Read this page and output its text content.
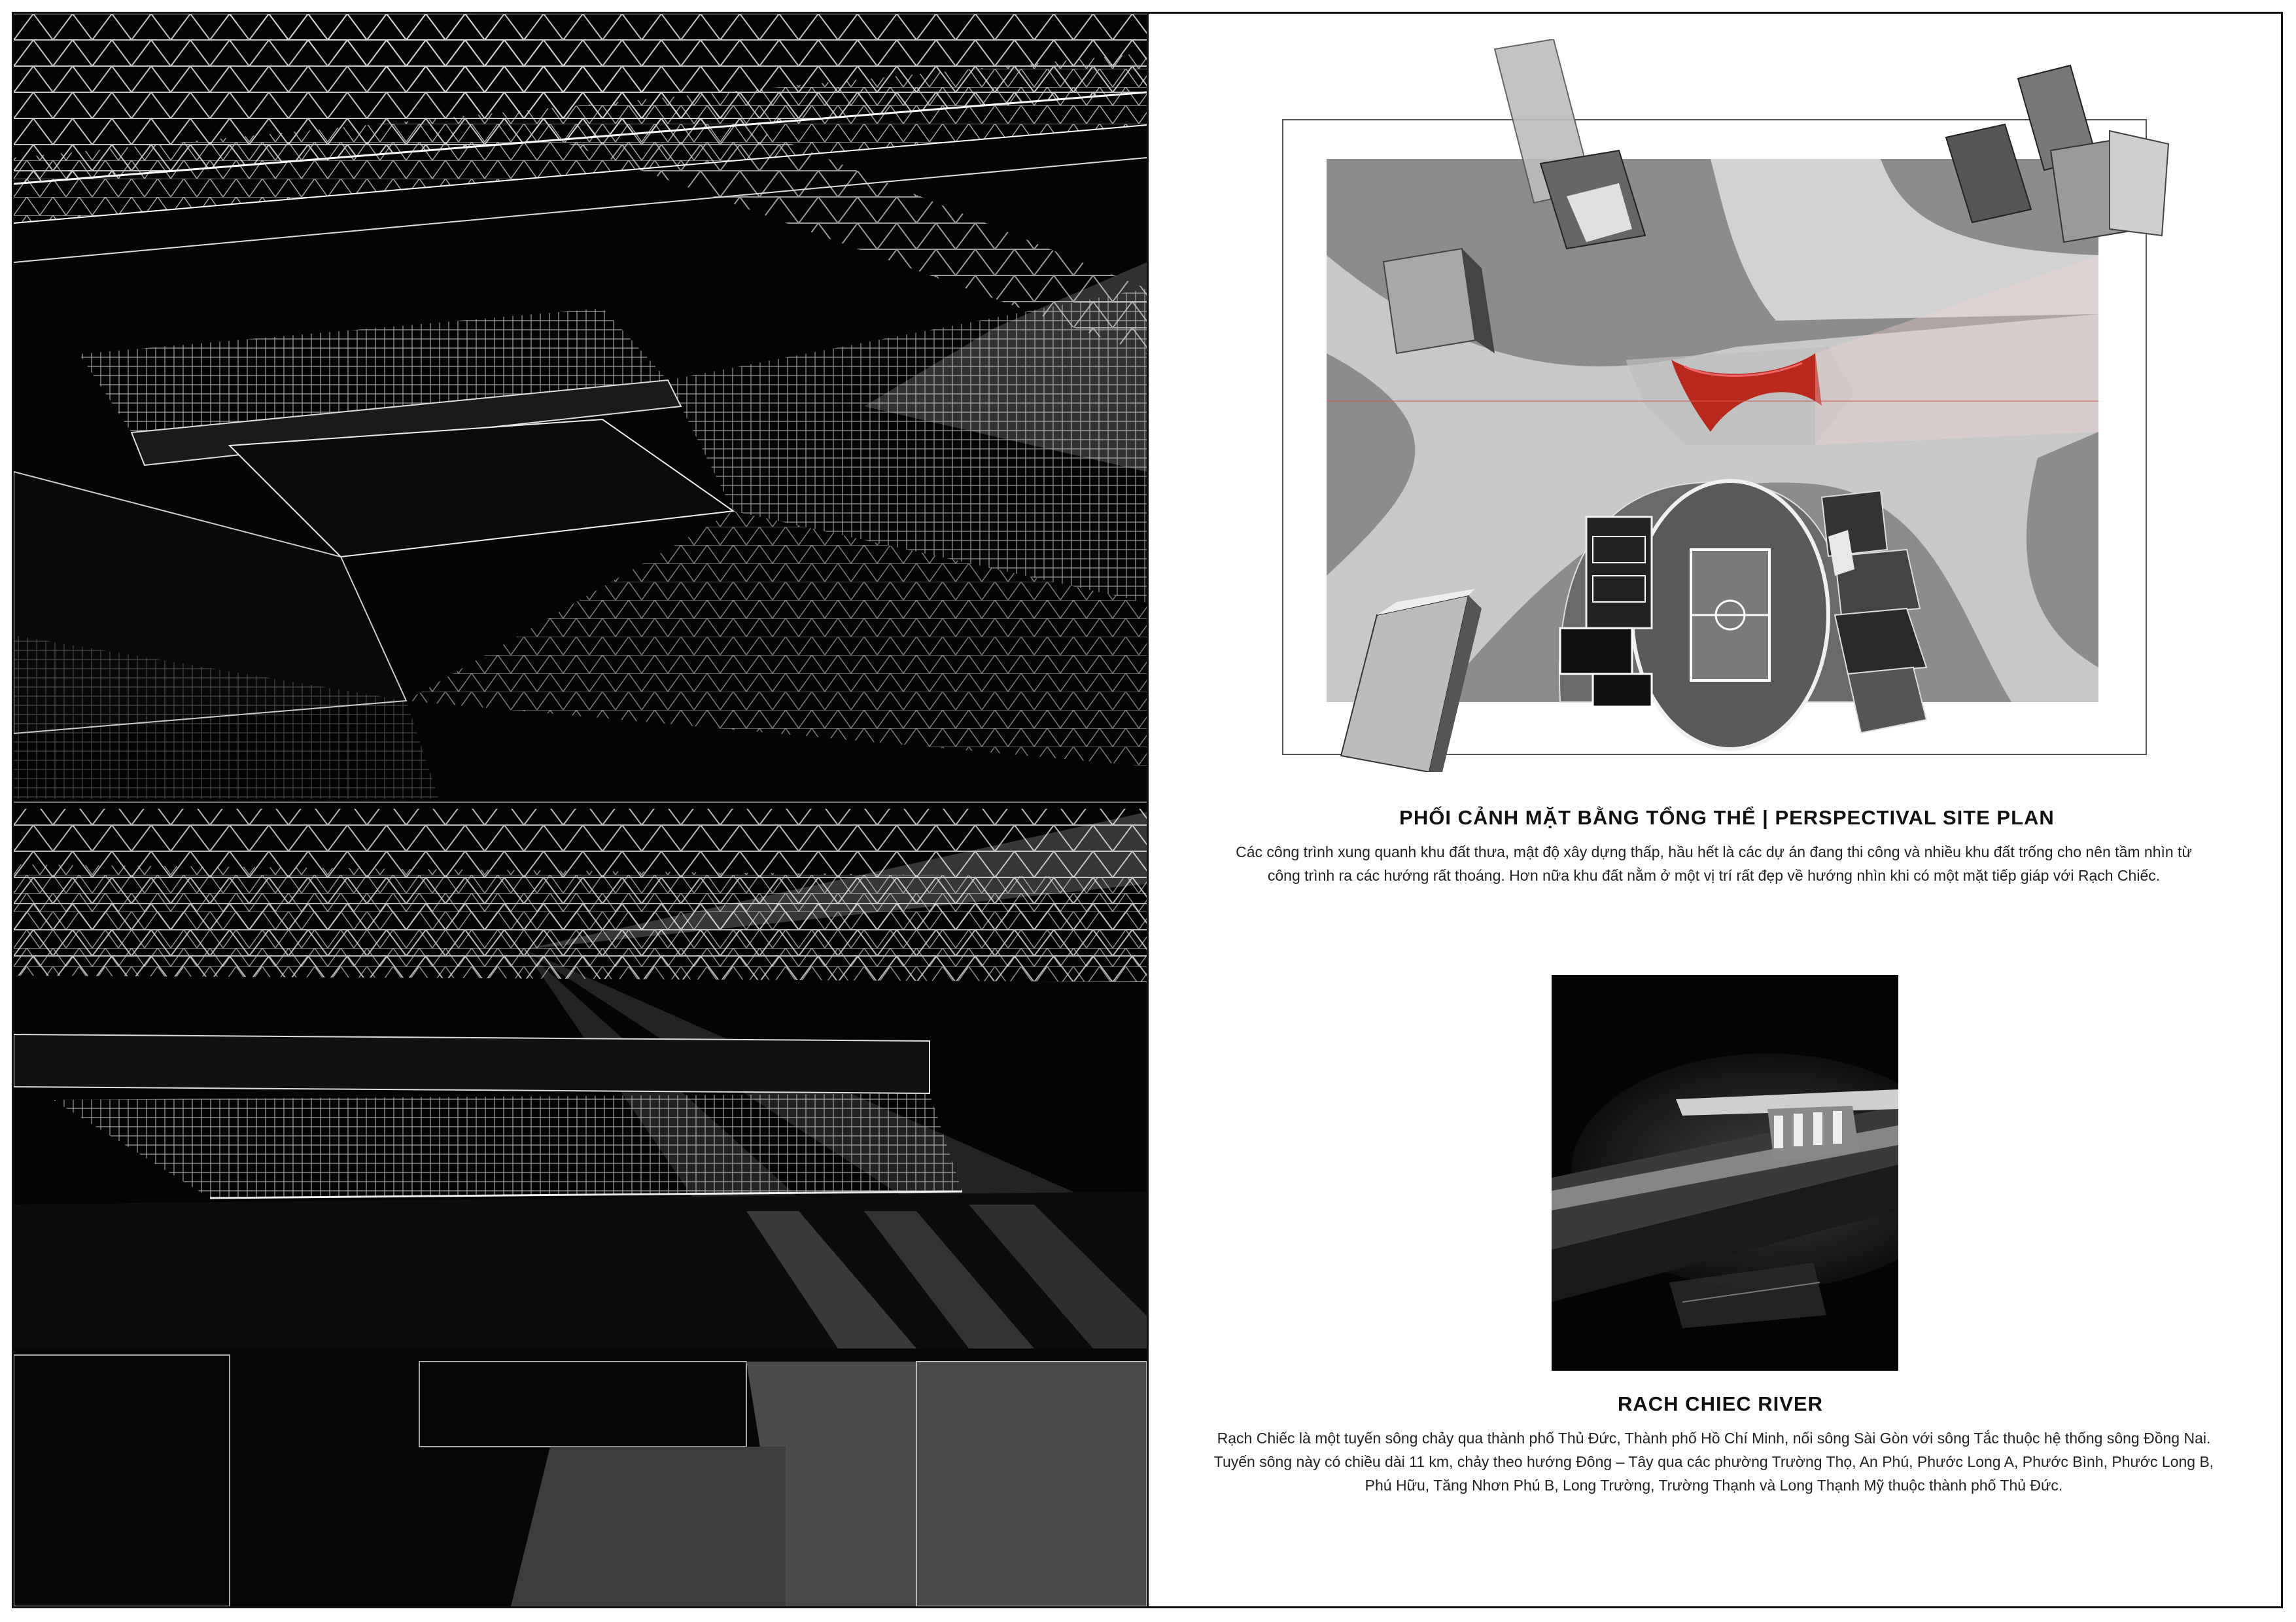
PHỐI CẢNH MẶT BẰNG TỔNG THỂ | PERSPECTIVAL SITE PLAN
Các công trình xung quanh khu đất thưa, mật độ xây dựng thấp, hầu hết là các dự án đang thi công và nhiều khu đất trống cho nên tầm nhìn từ công trình ra các hướng rất thoáng. Hơn nữa khu đất nằm ở một vị trí rất đẹp về hướng nhìn khi có một mặt tiếp giáp với Rạch Chiếc.
RACH CHIEC RIVER
Rạch Chiếc là một tuyến sông chảy qua thành phố Thủ Đức, Thành phố Hồ Chí Minh, nối sông Sài Gòn với sông Tắc thuộc hệ thống sông Đồng Nai. Tuyến sông này có chiều dài 11 km, chảy theo hướng Đông – Tây qua các phường Trường Thọ, An Phú, Phước Long A, Phước Bình, Phước Long B, Phú Hữu, Tăng Nhơn Phú B, Long Trường, Trường Thạnh và Long Thạnh Mỹ thuộc thành phố Thủ Đức.
